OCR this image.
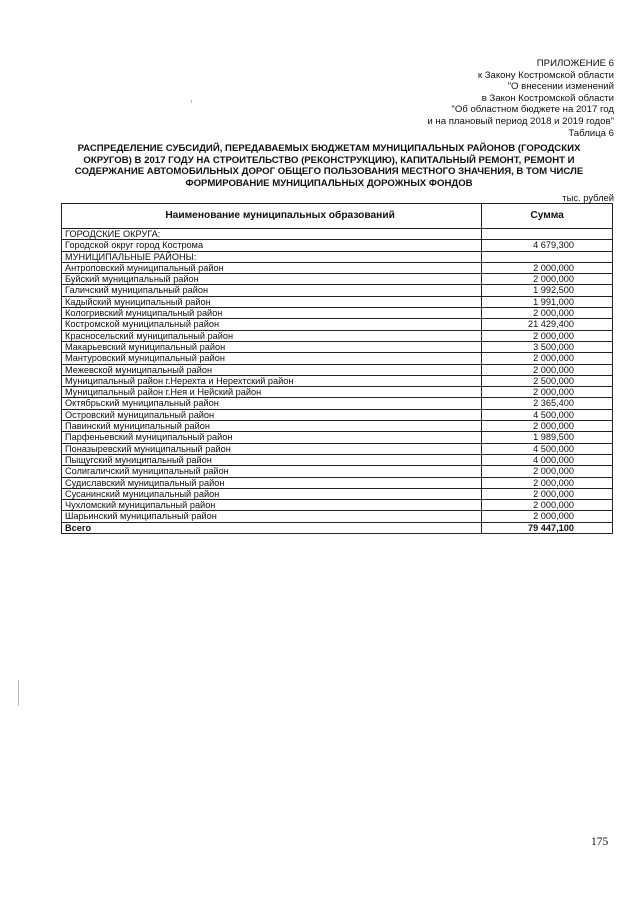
ПРИЛОЖЕНИЕ 6
к Закону Костромской области
"О внесении изменений
в Закон Костромской области
"Об областном бюджете на 2017 год
и на плановый период 2018 и 2019 годов"
Таблица 6
РАСПРЕДЕЛЕНИЕ СУБСИДИЙ, ПЕРЕДАВАЕМЫХ БЮДЖЕТАМ МУНИЦИПАЛЬНЫХ РАЙОНОВ (ГОРОДСКИХ
ОКРУГОВ) В 2017 ГОДУ НА СТРОИТЕЛЬСТВО (РЕКОНСТРУКЦИЮ), КАПИТАЛЬНЫЙ РЕМОНТ, РЕМОНТ И
СОДЕРЖАНИЕ АВТОМОБИЛЬНЫХ ДОРОГ ОБЩЕГО ПОЛЬЗОВАНИЯ МЕСТНОГО ЗНАЧЕНИЯ, В ТОМ ЧИСЛЕ
ФОРМИРОВАНИЕ МУНИЦИПАЛЬНЫХ ДОРОЖНЫХ ФОНДОВ
тыс. рублей
Наименование муниципальных образований	Сумма
ГОРОДСКИЕ ОКРУГА:	
Городской округ город Кострома	4 679,300
МУНИЦИПАЛЬНЫЕ РАЙОНЫ:	
Антроповский муниципальный район	2 000,000
Буйский муниципальный район	2 000,000
Галичский муниципальный район	1 992,500
Кадыйский муниципальный район	1 991,000
Кологривский муниципальный район	2 000,000
Костромской муниципальный район	21 429,400
Красносельский муниципальный район	2 000,000
Макарьевский муниципальный район	3 500,000
Мантуровский муниципальный район	2 000,000
Межевской муниципальный район	2 000,000
Муниципальный район г.Нерехта и Нерехтский район	2 500,000
Муниципальный район г.Нея и Нейский район	2 000,000
Октябрьский муниципальный район	2 365,400
Островский муниципальный район	4 500,000
Павинский муниципальный район	2 000,000
Парфеньевский муниципальный район	1 989,500
Поназыревский муниципальный район	4 500,000
Пыщугский муниципальный район	4 000,000
Солигаличский муниципальный район	2 000,000
Судиславский муниципальный район	2 000,000
Сусанинский муниципальный район	2 000,000
Чухломский муниципальный район	2 000,000
Шарьинский муниципальный район	2 000,000
Всего	79 447,100
175
